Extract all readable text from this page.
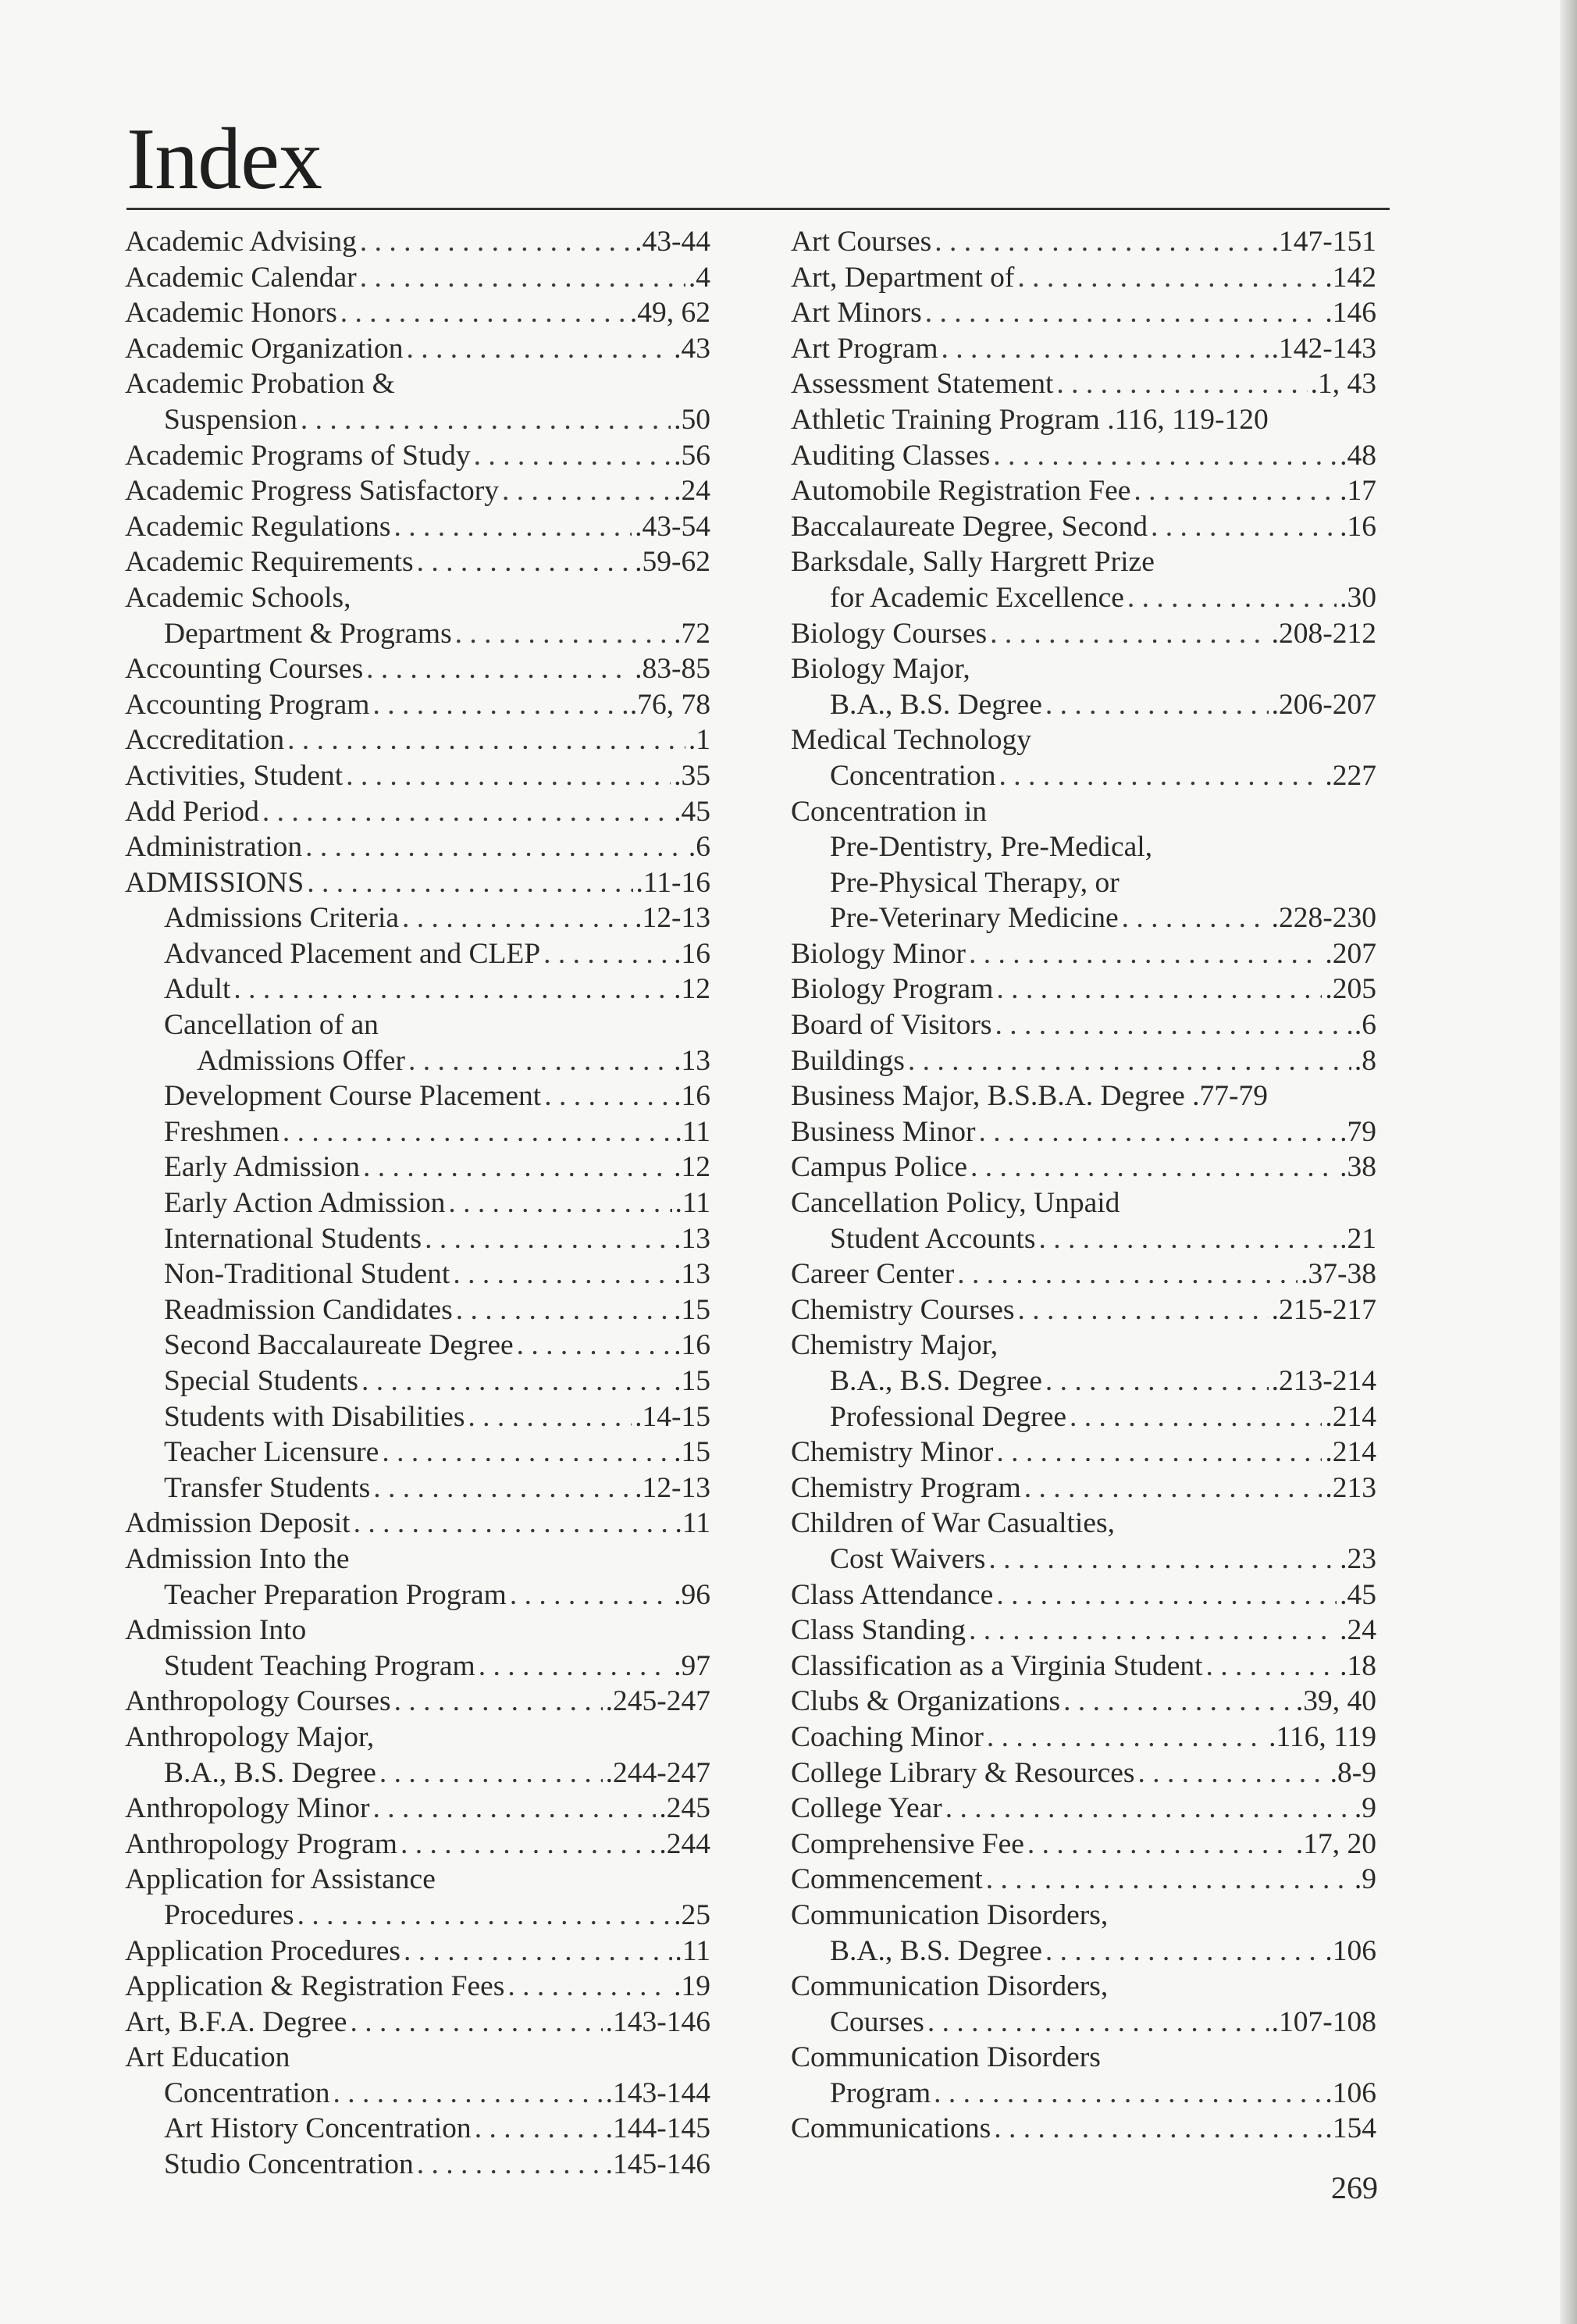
Index
Academic Advising . . .	.43-44
Academic Calendar . . .	.4
Academic Honors . . .	.49, 62
Academic Organization . . .	.43
Academic Probation &
Suspension . . .	.50
Academic Programs of Study . . .	.56
Academic Progress Satisfactory . . .	.24
Academic Regulations . . .	.43-54
Academic Requirements . . .	.59-62
Academic Schools,
Department & Programs . . .	.72
Accounting Courses . . .	.83-85
Accounting Program . . .	.76, 78
Accreditation . . .	.1
Activities, Student . . .	.35
Add Period . . .	.45
Administration . . .	.6
ADMISSIONS . . .	.11-16
Admissions Criteria . . .	.12-13
Advanced Placement and CLEP . . .	.16
Adult . . .	.12
Cancellation of an
Admissions Offer . . .	.13
Development Course Placement . . .	.16
Freshmen . . .	.11
Early Admission . . .	.12
Early Action Admission . . .	.11
International Students . . .	.13
Non-Traditional Student . . .	.13
Readmission Candidates . . .	.15
Second Baccalaureate Degree . . .	.16
Special Students . . .	.15
Students with Disabilities . . .	.14-15
Teacher Licensure . . .	.15
Transfer Students . . .	.12-13
Admission Deposit . . .	.11
Admission Into the
Teacher Preparation Program . . .	.96
Admission Into
Student Teaching Program . . .	.97
Anthropology Courses . . .	.245-247
Anthropology Major,
B.A., B.S. Degree . . .	.244-247
Anthropology Minor . . .	.245
Anthropology Program . . .	.244
Application for Assistance
Procedures . . .	.25
Application Procedures . . .	.11
Application & Registration Fees . . .	.19
Art, B.F.A. Degree . . .	.143-146
Art Education
Concentration . . .	.143-144
Art History Concentration . . .	.144-145
Studio Concentration . . .	.145-146
Art Courses . . .	.147-151
Art, Department of . . .	.142
Art Minors . . .	.146
Art Program . . .	.142-143
Assessment Statement . . .	.1, 43
Athletic Training Program .116, 119-120
Auditing Classes . . .	.48
Automobile Registration Fee . . .	.17
Baccalaureate Degree, Second . . .	.16
Barksdale, Sally Hargrett Prize
for Academic Excellence . . .	.30
Biology Courses . . .	.208-212
Biology Major,
B.A., B.S. Degree . . .	.206-207
Medical Technology
Concentration . . .	.227
Concentration in
Pre-Dentistry, Pre-Medical,
Pre-Physical Therapy, or
Pre-Veterinary Medicine . . .	.228-230
Biology Minor . . .	.207
Biology Program . . .	.205
Board of Visitors . . .	.6
Buildings . . .	.8
Business Major, B.S.B.A. Degree .77-79
Business Minor . . .	.79
Campus Police . . .	.38
Cancellation Policy, Unpaid
Student Accounts . . .	.21
Career Center . . .	.37-38
Chemistry Courses . . .	.215-217
Chemistry Major,
B.A., B.S. Degree . . .	.213-214
Professional Degree . . .	.214
Chemistry Minor . . .	.214
Chemistry Program . . .	.213
Children of War Casualties,
Cost Waivers . . .	.23
Class Attendance . . .	.45
Class Standing . . .	.24
Classification as a Virginia Student . . .	.18
Clubs & Organizations . . .	.39, 40
Coaching Minor . . .	.116, 119
College Library & Resources . . .	.8-9
College Year . . .	.9
Comprehensive Fee . . .	.17, 20
Commencement . . .	.9
Communication Disorders,
B.A., B.S. Degree . . .	.106
Communication Disorders,
Courses . . .	.107-108
Communication Disorders
Program . . .	.106
Communications . . .	.154
269
